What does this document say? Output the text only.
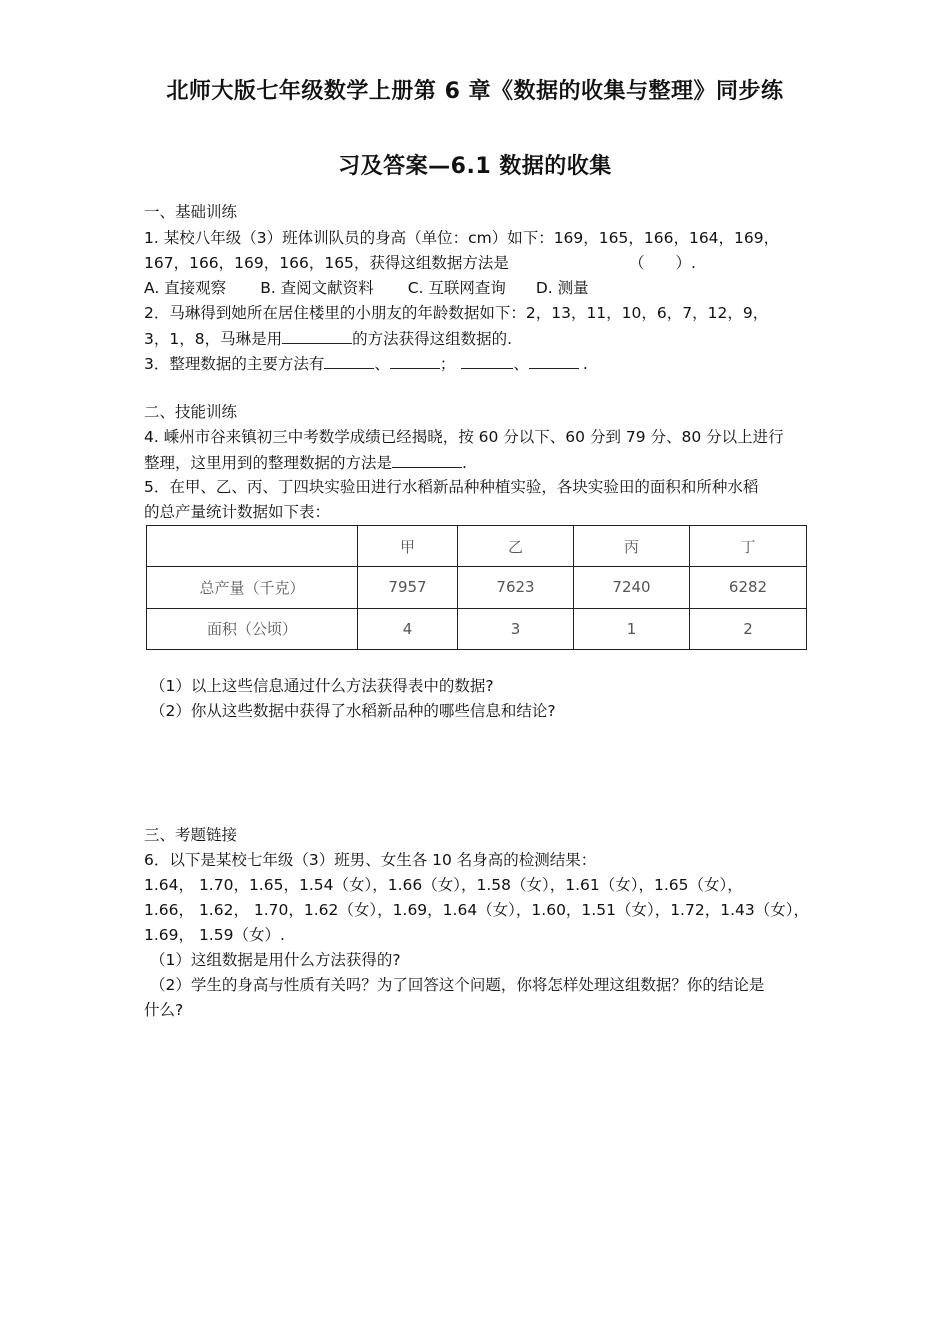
北师大版七年级数学上册第 6 章《数据的收集与整理》同步练
习及答案—6.1 数据的收集
一、基础训练
1. 某校八年级（3）班体训队员的身高（单位：cm）如下：169，165，166，164，169，
167，166，169，166，165，获得这组数据方法是	（　　）.
A. 直接观察 B. 查阅文献资料 C. 互联网查询 D. 测量
2．马琳得到她所在居住楼里的小朋友的年龄数据如下：2，13，11，10，6，7，12，9，
3，1，8，马琳是用	的方法获得这组数据的.
3．整理数据的主要方法有	、	；	、	.
二、技能训练
4. 嵊州市谷来镇初三中考数学成绩已经揭晓，按 60 分以下、60 分到 79 分、80 分以上进行
整理，这里用到的整理数据的方法是	.
5．在甲、乙、丙、丁四块实验田进行水稻新品种种植实验，各块实验田的面积和所种水稻
的总产量统计数据如下表：
	甲	乙	丙	丁
总产量（千克）	7957	7623	7240	6282
面积（公顷）	4	3	1	2
（1）以上这些信息通过什么方法获得表中的数据?
（2）你从这些数据中获得了水稻新品种的哪些信息和结论?
三、考题链接
6．以下是某校七年级（3）班男、女生各 10 名身高的检测结果：
1.64， 1.70，1.65，1.54（女），1.66（女），1.58（女），1.61（女），1.65（女），
1.66， 1.62， 1.70，1.62（女），1.69，1.64（女），1.60，1.51（女），1.72，1.43（女），
1.69， 1.59（女）.
（1）这组数据是用什么方法获得的?
（2）学生的身高与性质有关吗？为了回答这个问题，你将怎样处理这组数据？你的结论是
什么?
